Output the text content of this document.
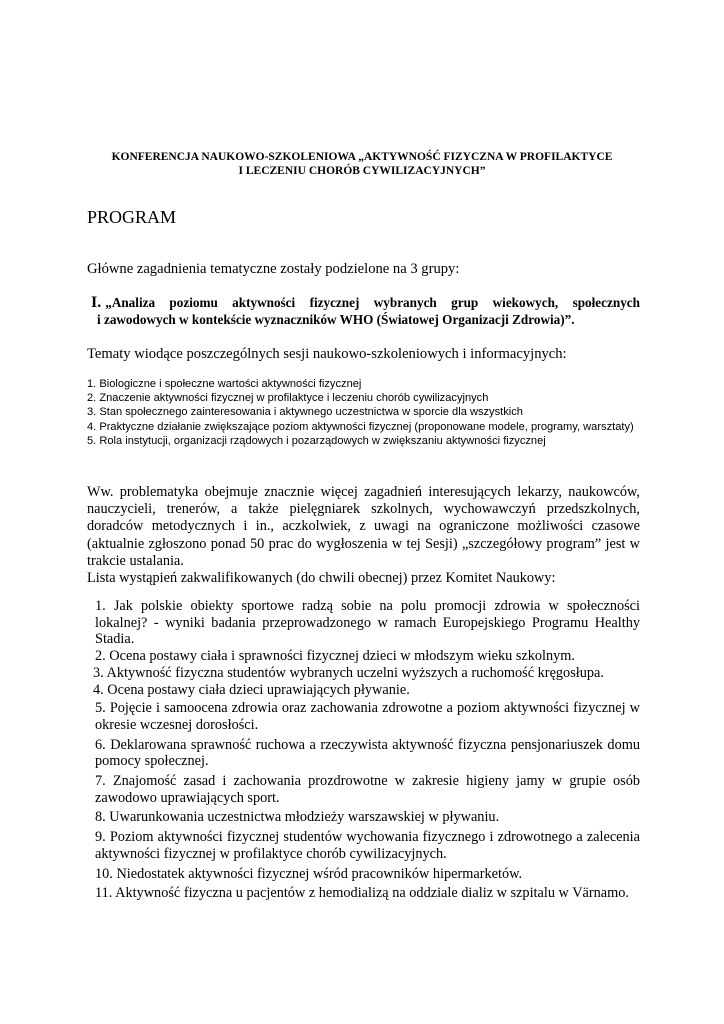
KONFERENCJA NAUKOWO-SZKOLENIOWA „AKTYWNOŚĆ FIZYCZNA W PROFILAKTYCE
I LECZENIU CHORÓB CYWILIZACYJNYCH”
PROGRAM
Główne zagadnienia tematyczne zostały podzielone na 3 grupy:
I. „Analiza poziomu aktywności fizycznej wybranych grup wiekowych, społecznych
i zawodowych w kontekście wyznaczników WHO (Światowej Organizacji Zdrowia)”.
Tematy wiodące poszczególnych sesji naukowo-szkoleniowych i informacyjnych:
1. Biologiczne i społeczne wartości aktywności fizycznej
2. Znaczenie aktywności fizycznej w profilaktyce i leczeniu chorób cywilizacyjnych
3. Stan społecznego zainteresowania i aktywnego uczestnictwa w sporcie dla wszystkich
4. Praktyczne działanie zwiększające poziom aktywności fizycznej (proponowane modele, programy, warsztaty)
5. Rola instytucji, organizacji rządowych i pozarządowych w zwiększaniu aktywności fizycznej
Ww. problematyka obejmuje znacznie więcej zagadnień interesujących lekarzy, naukowców, nauczycieli, trenerów, a także pielęgniarek szkolnych, wychowawczyń przedszkolnych, doradców metodycznych i in., aczkolwiek, z uwagi na ograniczone możliwości czasowe (aktualnie zgłoszono ponad 50 prac do wygłoszenia w tej Sesji) „szczegółowy program” jest w trakcie ustalania.
Lista wystąpień zakwalifikowanych (do chwili obecnej) przez Komitet Naukowy:
1. Jak polskie obiekty sportowe radzą sobie na polu promocji zdrowia w społeczności lokalnej? - wyniki badania przeprowadzonego w ramach Europejskiego Programu Healthy Stadia.
2. Ocena postawy ciała i sprawności fizycznej dzieci w młodszym wieku szkolnym.
3. Aktywność fizyczna studentów wybranych uczelni wyższych a ruchomość kręgosłupa.
4. Ocena postawy ciała dzieci uprawiających pływanie.
5. Pojęcie i samoocena zdrowia oraz zachowania zdrowotne a poziom aktywności fizycznej w okresie wczesnej dorosłości.
6. Deklarowana sprawność ruchowa a rzeczywista aktywność fizyczna pensjonariuszek domu pomocy społecznej.
7. Znajomość zasad i zachowania prozdrowotne w zakresie higieny jamy w grupie osób zawodowo uprawiających sport.
8. Uwarunkowania uczestnictwa młodzieży warszawskiej w pływaniu.
9. Poziom aktywności fizycznej studentów wychowania fizycznego i zdrowotnego a zalecenia aktywności fizycznej w profilaktyce chorób cywilizacyjnych.
10. Niedostatek aktywności fizycznej wśród pracowników hipermarketów.
11. Aktywność fizyczna u pacjentów z hemodializą na oddziale dializ w szpitalu w Värnamo.
